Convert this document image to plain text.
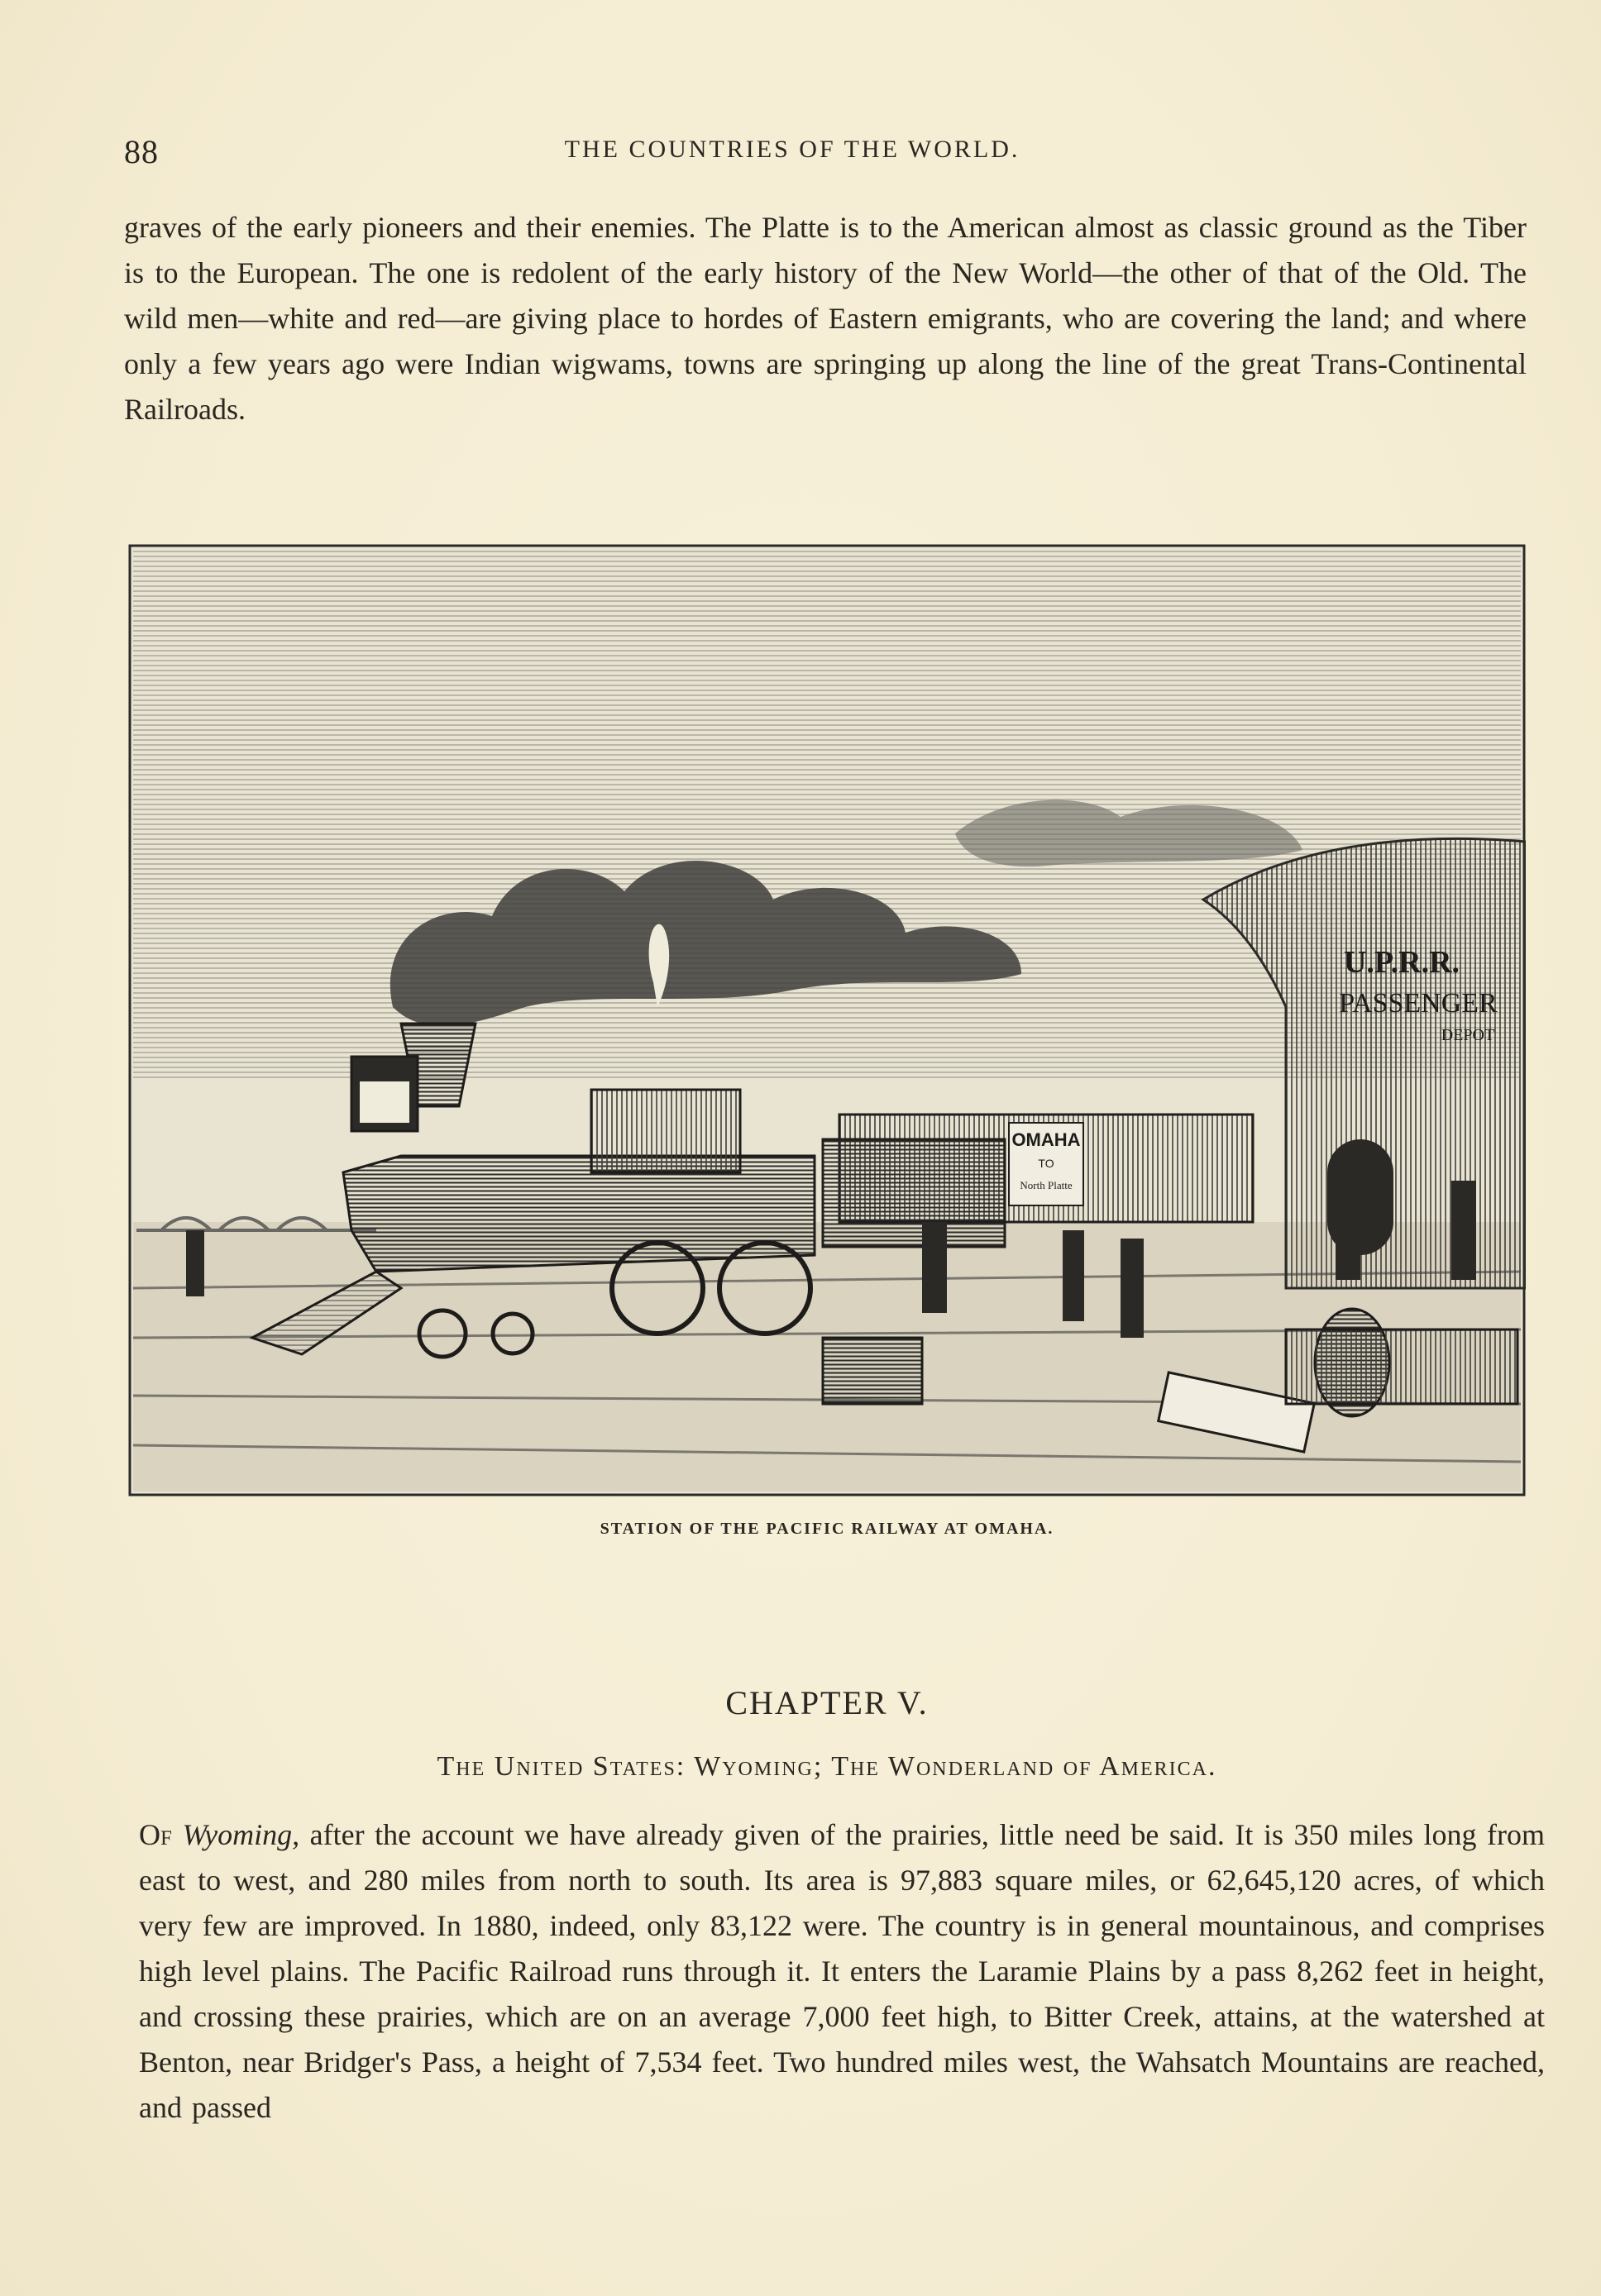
88	THE COUNTRIES OF THE WORLD.
graves of the early pioneers and their enemies. The Platte is to the American almost as classic ground as the Tiber is to the European. The one is redolent of the early history of the New World—the other of that of the Old. The wild men—white and red—are giving place to hordes of Eastern emigrants, who are covering the land; and where only a few years ago were Indian wigwams, towns are springing up along the line of the great Trans-Continental Railroads.
U.P.R.R.
PASSENGER
DEPOT
OMAHA
TO
North Platte
STATION OF THE PACIFIC RAILWAY AT OMAHA.
CHAPTER V.
The United States: Wyoming; The Wonderland of America.
Of Wyoming, after the account we have already given of the prairies, little need be said. It is 350 miles long from east to west, and 280 miles from north to south. Its area is 97,883 square miles, or 62,645,120 acres, of which very few are improved. In 1880, indeed, only 83,122 were. The country is in general mountainous, and comprises high level plains. The Pacific Railroad runs through it. It enters the Laramie Plains by a pass 8,262 feet in height, and crossing these prairies, which are on an average 7,000 feet high, to Bitter Creek, attains, at the watershed at Benton, near Bridger's Pass, a height of 7,534 feet. Two hundred miles west, the Wahsatch Mountains are reached, and passed
